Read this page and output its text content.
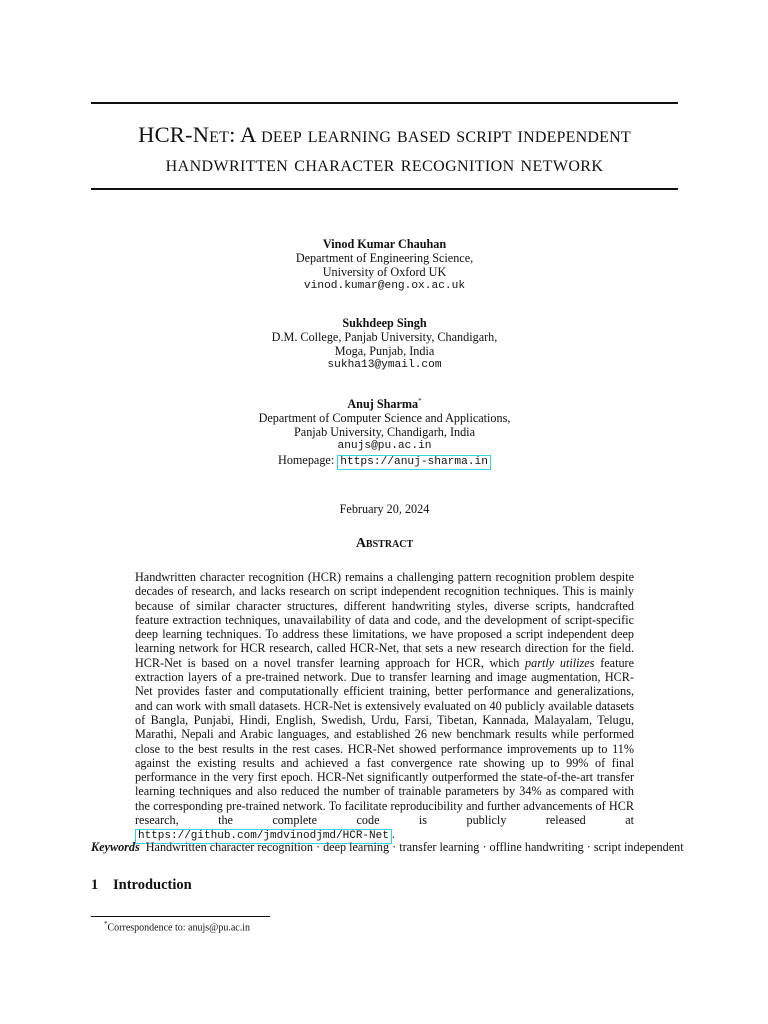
HCR-Net: A deep learning based script independent
handwritten character recognition network
Vinod Kumar Chauhan
Department of Engineering Science,
University of Oxford UK
vinod.kumar@eng.ox.ac.uk
Sukhdeep Singh
D.M. College, Panjab University, Chandigarh,
Moga, Punjab, India
sukha13@ymail.com
Anuj Sharma*
Department of Computer Science and Applications,
Panjab University, Chandigarh, India
anujs@pu.ac.in
Homepage: https://anuj-sharma.in
February 20, 2024
Abstract
Handwritten character recognition (HCR) remains a challenging pattern recognition problem despite decades of research, and lacks research on script independent recognition techniques. This is mainly because of similar character structures, different handwriting styles, diverse scripts, handcrafted feature extraction techniques, unavailability of data and code, and the development of script-specific deep learning techniques. To address these limitations, we have proposed a script independent deep learning network for HCR research, called HCR-Net, that sets a new research direction for the field. HCR-Net is based on a novel transfer learning approach for HCR, which partly utilizes feature extraction layers of a pre-trained network. Due to transfer learning and image augmentation, HCR-Net provides faster and computationally efficient training, better performance and generalizations, and can work with small datasets. HCR-Net is extensively evaluated on 40 publicly available datasets of Bangla, Punjabi, Hindi, English, Swedish, Urdu, Farsi, Tibetan, Kannada, Malayalam, Telugu, Marathi, Nepali and Arabic languages, and established 26 new benchmark results while performed close to the best results in the rest cases. HCR-Net showed performance improvements up to 11% against the existing results and achieved a fast convergence rate showing up to 99% of final performance in the very first epoch. HCR-Net significantly outperformed the state-of-the-art transfer learning techniques and also reduced the number of trainable parameters by 34% as compared with the corresponding pre-trained network. To facilitate reproducibility and further advancements of HCR research, the complete code is publicly released at https://github.com/jmdvinodjmd/HCR-Net .
Keywords Handwritten character recognition · deep learning · transfer learning · offline handwriting · script independent
1 Introduction
*Correspondence to: anujs@pu.ac.in
